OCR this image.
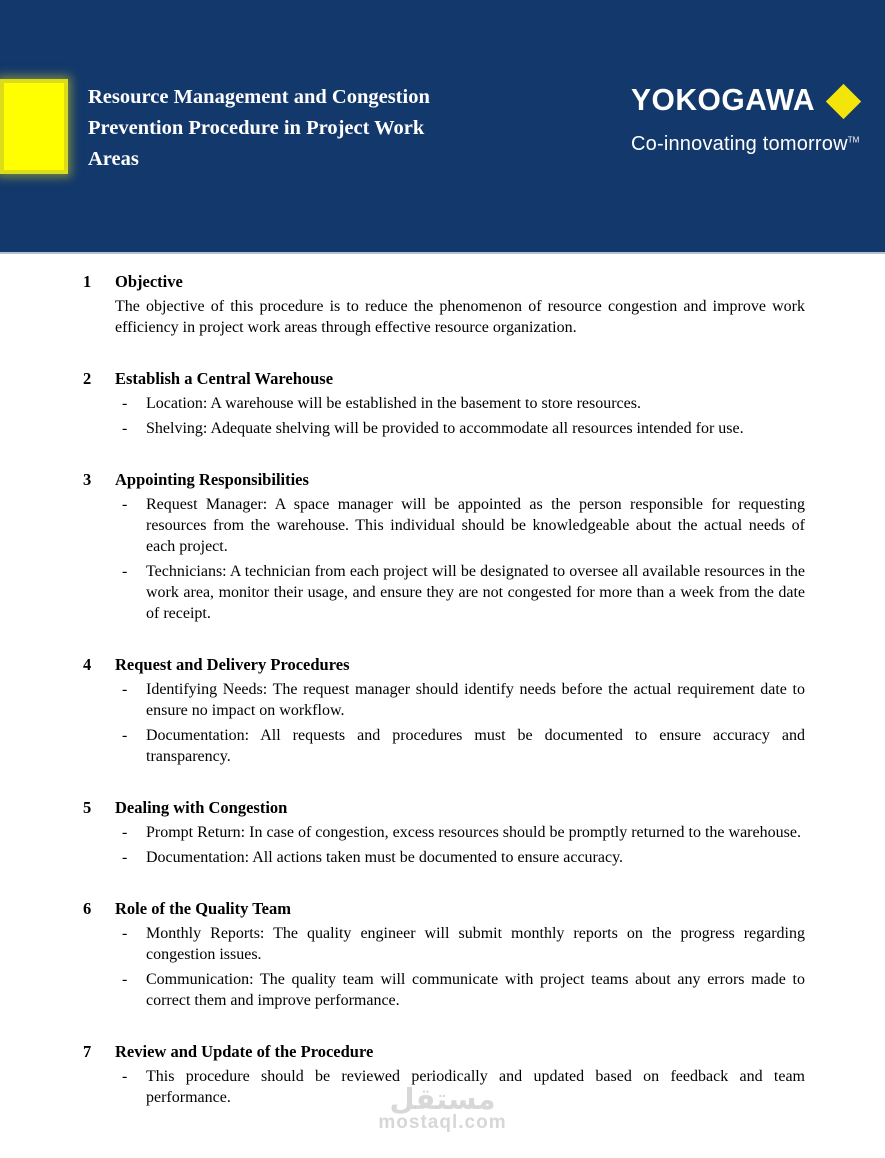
Resource Management and Congestion
Prevention Procedure in Project Work
Areas
YOKOGAWA
Co-innovating tomorrow™
1	Objective
The objective of this procedure is to reduce the phenomenon of resource congestion and improve work efficiency in project work areas through effective resource organization.
2	Establish a Central Warehouse
-	Location: A warehouse will be established in the basement to store resources.
-	Shelving: Adequate shelving will be provided to accommodate all resources intended for use.
3	Appointing Responsibilities
-	Request Manager: A space manager will be appointed as the person responsible for requesting resources from the warehouse. This individual should be knowledgeable about the actual needs of each project.
-	Technicians: A technician from each project will be designated to oversee all available resources in the work area, monitor their usage, and ensure they are not congested for more than a week from the date of receipt.
4	Request and Delivery Procedures
-	Identifying Needs: The request manager should identify needs before the actual requirement date to ensure no impact on workflow.
-	Documentation: All requests and procedures must be documented to ensure accuracy and transparency.
5	Dealing with Congestion
-	Prompt Return: In case of congestion, excess resources should be promptly returned to the warehouse.
-	Documentation: All actions taken must be documented to ensure accuracy.
6	Role of the Quality Team
-	Monthly Reports: The quality engineer will submit monthly reports on the progress regarding congestion issues.
-	Communication: The quality team will communicate with project teams about any errors made to correct them and improve performance.
7	Review and Update of the Procedure
-	This procedure should be reviewed periodically and updated based on feedback and team performance.	مستقل
mostaql.com
